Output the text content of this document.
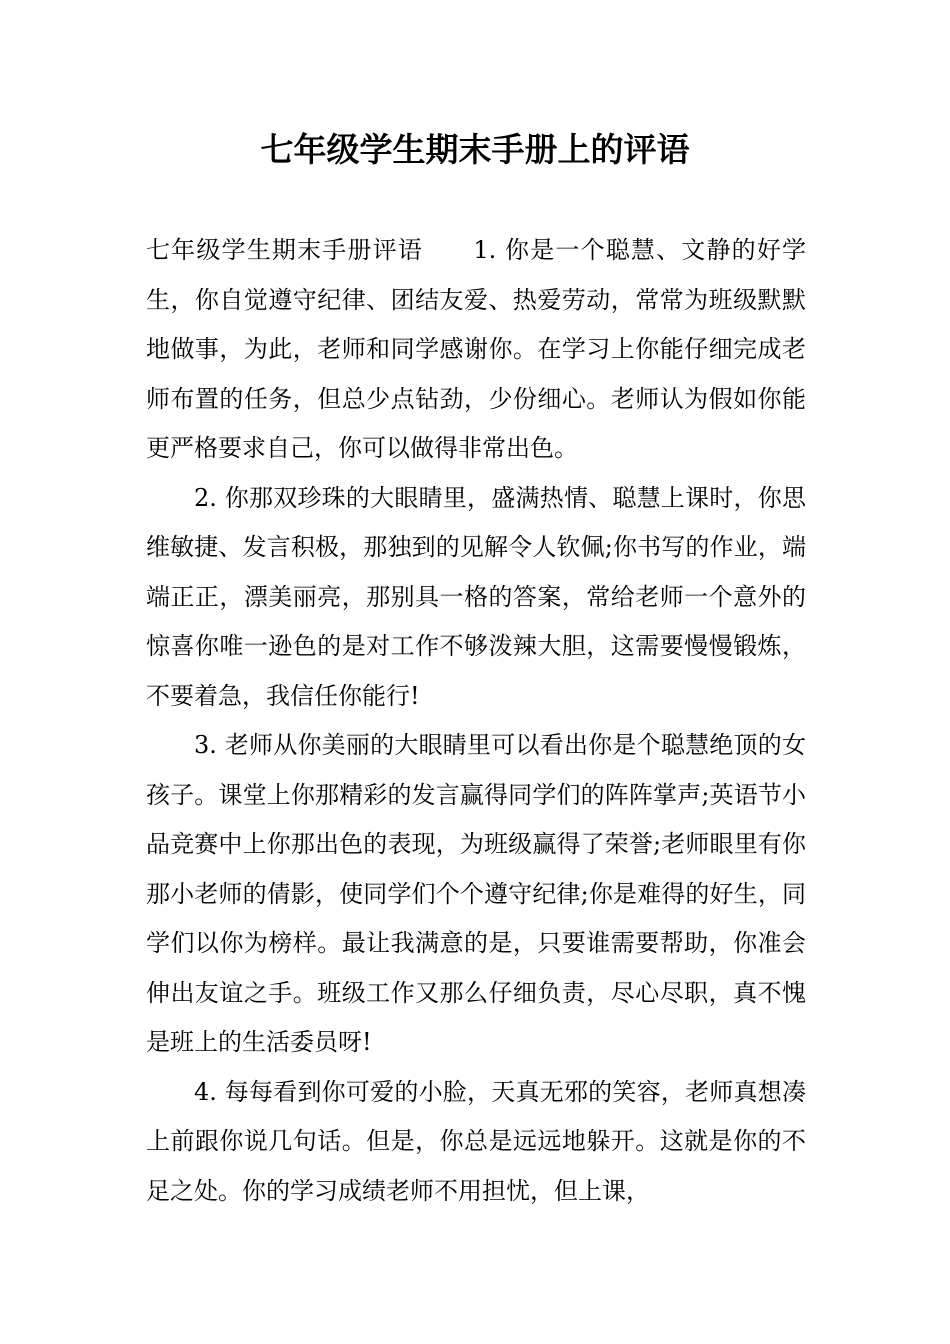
七年级学生期末手册上的评语

七年级学生期末手册评语　　1. 你是一个聪慧、文静的好学生，你自觉遵守纪律、团结友爱、热爱劳动，常常为班级默默地做事，为此，老师和同学感谢你。在学习上你能仔细完成老师布置的任务，但总少点钻劲，少份细心。老师认为假如你能更严格要求自己，你可以做得非常出色。

2. 你那双珍珠的大眼睛里，盛满热情、聪慧上课时，你思维敏捷、发言积极，那独到的见解令人钦佩;你书写的作业，端端正正，漂美丽亮，那别具一格的答案，常给老师一个意外的惊喜你唯一逊色的是对工作不够泼辣大胆，这需要慢慢锻炼，不要着急，我信任你能行!

3. 老师从你美丽的大眼睛里可以看出你是个聪慧绝顶的女孩子。课堂上你那精彩的发言赢得同学们的阵阵掌声;英语节小品竞赛中上你那出色的表现，为班级赢得了荣誉;老师眼里有你那小老师的倩影，使同学们个个遵守纪律;你是难得的好生，同学们以你为榜样。最让我满意的是，只要谁需要帮助，你准会伸出友谊之手。班级工作又那么仔细负责，尽心尽职，真不愧是班上的生活委员呀!

4. 每每看到你可爱的小脸，天真无邪的笑容，老师真想凑上前跟你说几句话。但是，你总是远远地躲开。这就是你的不足之处。你的学习成绩老师不用担忧，但上课，
